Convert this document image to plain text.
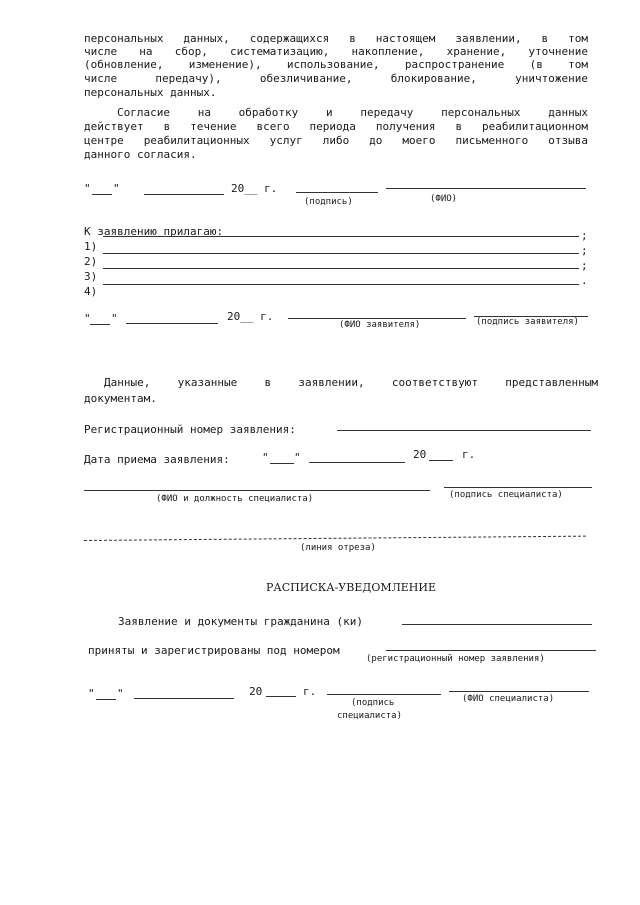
персональных данных, содержащихся в настоящем заявлении, в том
числе на сбор, систематизацию, накопление, хранение, уточнение
(обновление, изменение), использование, распространение (в том
числе передачу), обезличивание, блокирование, уничтожение
персональных данных.
Согласие на обработку и передачу персональных данных
действует в течение всего периода получения в реабилитационном
центре реабилитационных услуг либо до моего письменного отзыва
данного согласия.
" "	20__ г.
(подпись)	(ФИО)
К заявлению прилагаю:
1)
;
2)
;
3)
;
4)
.
" "	20__ г.
(ФИО заявителя)	(подпись заявителя)
Данные, указанные в заявлении, соответствуют представленным
документам.
Регистрационный номер заявления:
Дата приема заявления:	" "	20	г.
(ФИО и должность специалиста)	(подпись специалиста)
(линия отреза)
РАСПИСКА-УВЕДОМЛЕНИЕ
Заявление и документы гражданина (ки)
приняты и зарегистрированы под номером
(регистрационный номер заявления)
" "	20	г.
(подпись
специалиста)
(ФИО специалиста)
